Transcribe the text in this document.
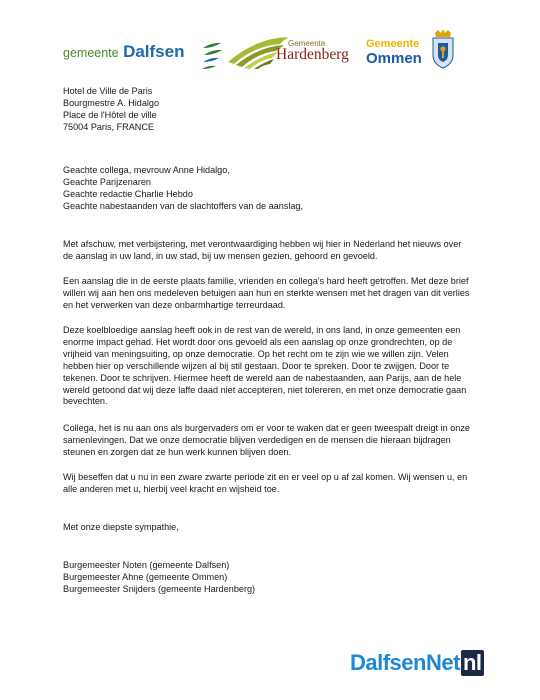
gemeente Dalfsen	Gemeente
Hardenberg
Gemeente
Ommen

Hotel de Ville de Paris

Bourgmestre A. Hidalgo

Place de l'Hôtel de ville

75004 Paris, FRANCE

Geachte collega, mevrouw Anne Hidalgo,

Geachte Parijzenaren

Geachte redactie Charlie Hebdo

Geachte nabestaanden van de slachtoffers van de aanslag,

Met afschuw, met verbijstering, met verontwaardiging hebben wij hier in Nederland het nieuws over
de aanslag in uw land, in uw stad, bij uw mensen gezien, gehoord en gevoeld.

Een aanslag die in de eerste plaats familie, vrienden en collega's hard heeft getroffen. Met deze brief
willen wij aan hen ons medeleven betuigen aan hun en sterkte wensen met het dragen van dit verlies
en het verwerken van deze onbarmhartige terreurdaad.

Deze koelbloedige aanslag heeft ook in de rest van de wereld, in ons land, in onze gemeenten een
enorme impact gehad. Het wordt door ons gevoeld als een aanslag op onze grondrechten, op de
vrijheid van meningsuiting, op onze democratie. Op het recht om te zijn wie we willen zijn. Velen
hebben hier op verschillende wijzen al bij stil gestaan. Door te spreken. Door te zwijgen. Door te
tekenen. Door te schrijven. Hiermee heeft de wereld aan de nabestaanden, aan Parijs, aan de hele
wereld getoond dat wij deze laffe daad niet accepteren, niet tolereren, en met onze democratie gaan
bevechten.

Collega, het is nu aan ons als burgervaders om er voor te waken dat er geen tweespalt dreigt in onze
samenlevingen. Dat we onze democratie blijven verdedigen en de mensen die hieraan bijdragen
steunen en zorgen dat ze hun werk kunnen blijven doen.

Wij beseffen dat u nu in een zware zwarte periode zit en er veel op u af zal komen. Wij wensen u, en
alle anderen met u, hierbij veel kracht en wijsheid toe.

Met onze diepste sympathie,

Burgemeester Noten (gemeente Dalfsen)

Burgemeester Ahne (gemeente Ommen)

Burgemeester Snijders (gemeente Hardenberg)

DalfsenNet nl
